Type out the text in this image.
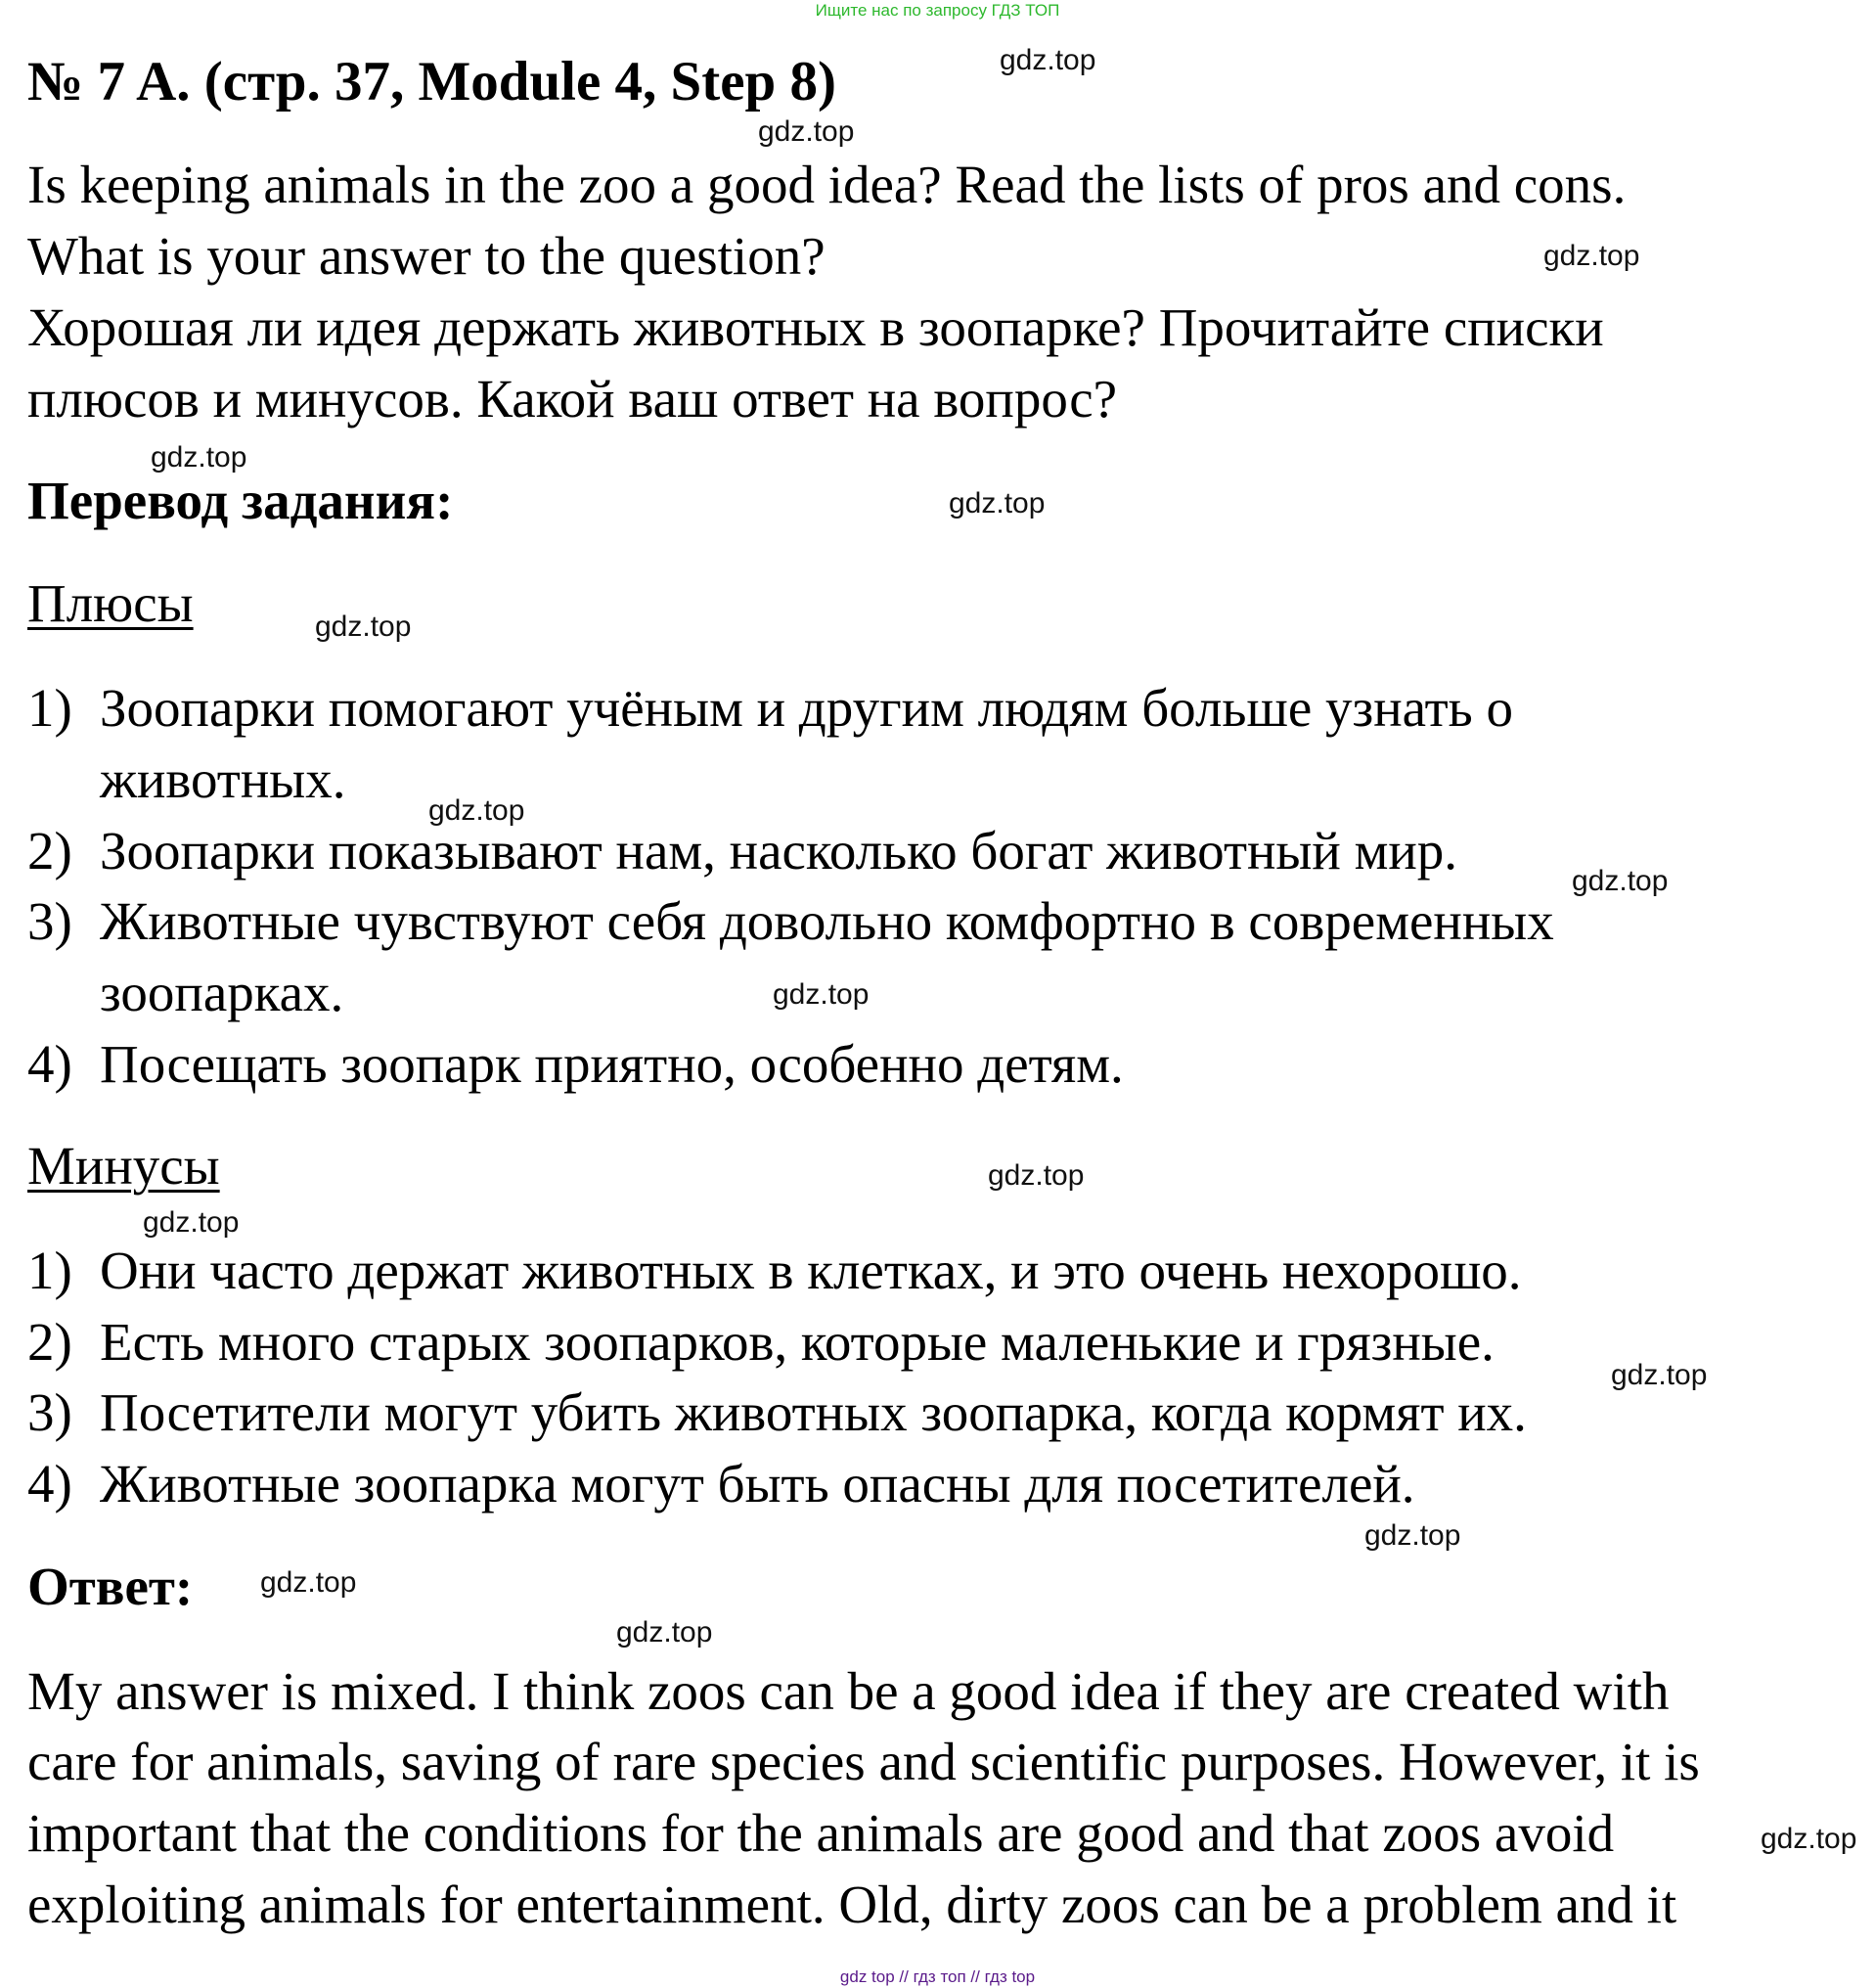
Ищите нас по запросу ГДЗ ТОП
№ 7 A. (стр. 37, Module 4, Step 8)
Is keeping animals in the zoo a good idea? Read the lists of pros and cons.
What is your answer to the question?
Хорошая ли идея держать животных в зоопарке? Прочитайте списки
плюсов и минусов. Какой ваш ответ на вопрос?
Перевод задания:
Плюсы
1) Зоопарки помогают учёным и другим людям больше узнать о
животных.
2) Зоопарки показывают нам, насколько богат животный мир.
3) Животные чувствуют себя довольно комфортно в современных
зоопарках.
4) Посещать зоопарк приятно, особенно детям.
Минусы
1) Они часто держат животных в клетках, и это очень нехорошо.
2) Есть много старых зоопарков, которые маленькие и грязные.
3) Посетители могут убить животных зоопарка, когда кормят их.
4) Животные зоопарка могут быть опасны для посетителей.
Ответ:
My answer is mixed. I think zoos can be a good idea if they are created with
care for animals, saving of rare species and scientific purposes. However, it is
important that the conditions for the animals are good and that zoos avoid
exploiting animals for entertainment. Old, dirty zoos can be a problem and it
gdz.top
gdz.top
gdz.top
gdz.top
gdz.top
gdz.top
gdz.top
gdz.top
gdz.top
gdz.top
gdz.top
gdz.top
gdz.top
gdz.top
gdz.top
gdz.top
gdz top // гдз топ // гдз top
